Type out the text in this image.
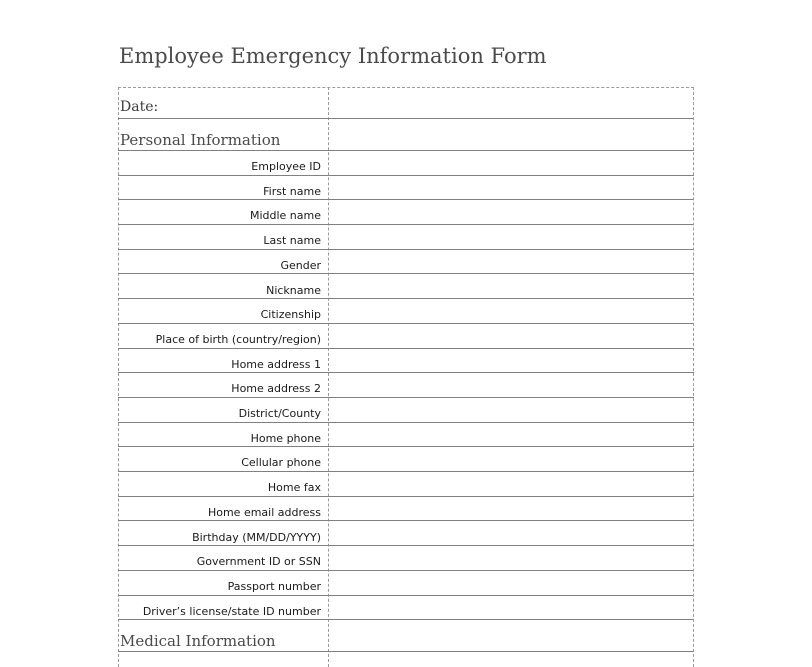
Employee Emergency Information Form
Date:
Personal Information
Employee ID
First name
Middle name
Last name
Gender
Nickname
Citizenship
Place of birth (country/region)
Home address 1
Home address 2
District/County
Home phone
Cellular phone
Home fax
Home email address
Birthday (MM/DD/YYYY)
Government ID or SSN
Passport number
Driver’s license/state ID number
Medical Information
